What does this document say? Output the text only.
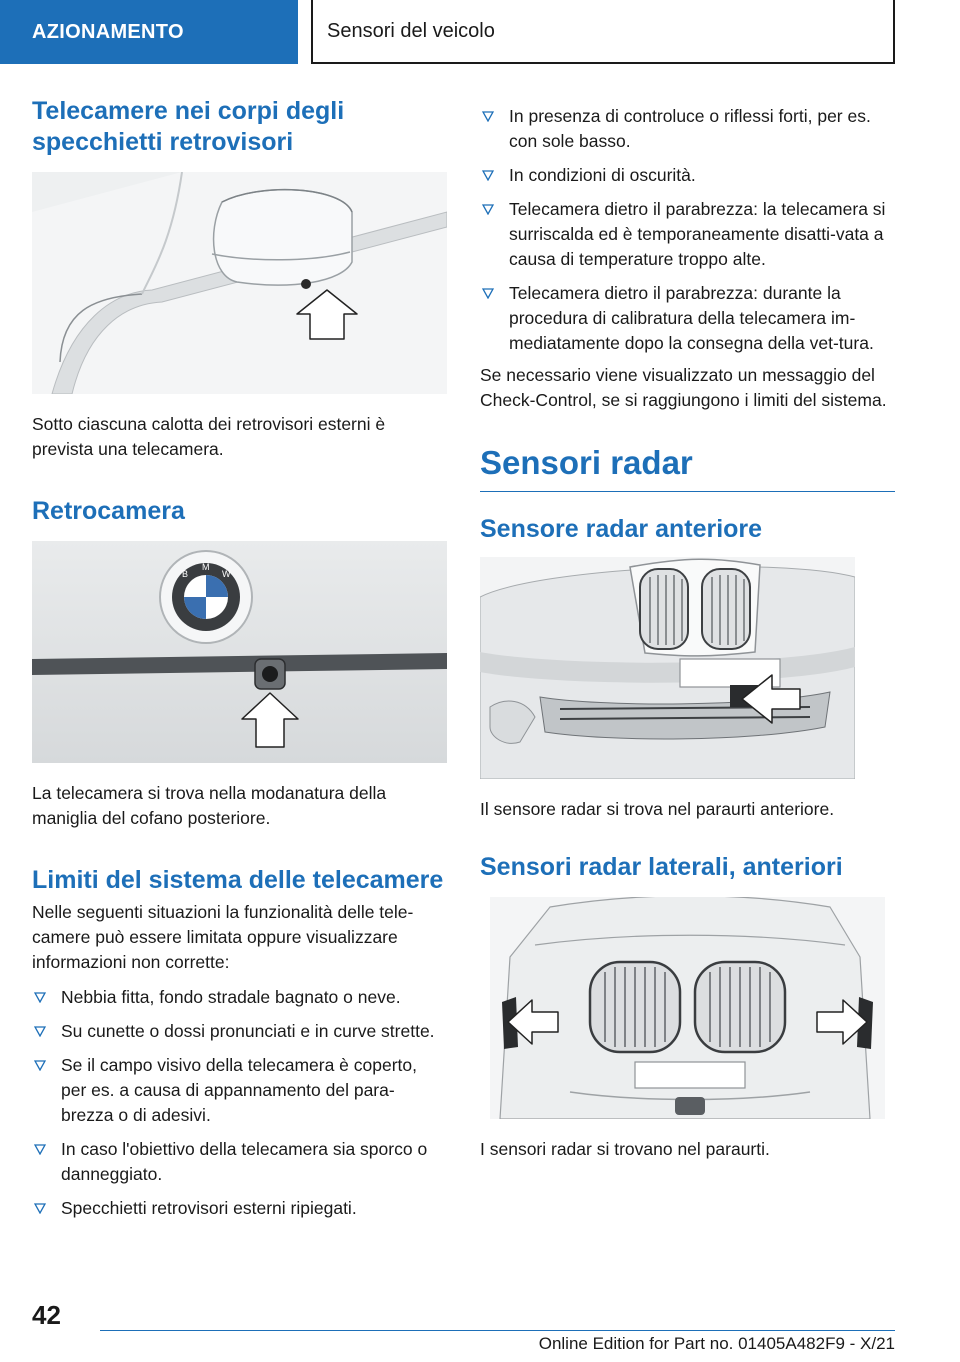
AZIONAMENTO	Sensori del veicolo
Telecamere nei corpi degli specchietti retrovisori

Sotto ciascuna calotta dei retrovisori esterni è prevista una telecamera.

Retrocamera
B
M
W

La telecamera si trova nella modanatura della maniglia del cofano posteriore.

Limiti del sistema delle telecamere

Nelle seguenti situazioni la funzionalità delle tele-camere può essere limitata oppure visualizzare informazioni non corrette:

Nebbia fitta, fondo stradale bagnato o neve.
Su cunette o dossi pronunciati e in curve strette.
Se il campo visivo della telecamera è coperto, per es. a causa di appannamento del para-brezza o di adesivi.
In caso l'obiettivo della telecamera sia sporco o danneggiato.
Specchietti retrovisori esterni ripiegati.
In presenza di controluce o riflessi forti, per es. con sole basso.
In condizioni di oscurità.
Telecamera dietro il parabrezza: la telecamera si surriscalda ed è temporaneamente disatti-vata a causa di temperature troppo alte.
Telecamera dietro il parabrezza: durante la procedura di calibratura della telecamera im-mediatamente dopo la consegna della vet-tura.

Se necessario viene visualizzato un messaggio del Check-Control, se si raggiungono i limiti del sistema.

Sensori radar
Sensore radar anteriore

Il sensore radar si trova nel paraurti anteriore.

Sensori radar laterali, anteriori

I sensori radar si trovano nel paraurti.

42
Online Edition for Part no. 01405A482F9 - X/21
